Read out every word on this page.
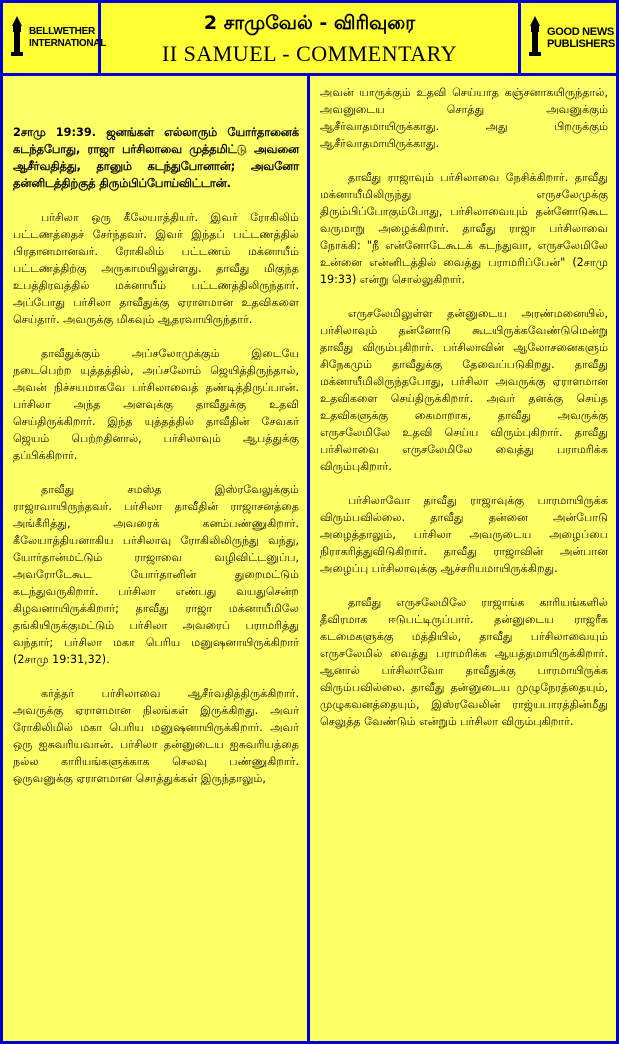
BELLWETHER INTERNATIONAL
2 சாமுவேல் - விரிவுரை
II SAMUEL - COMMENTARY
GOOD NEWS PUBLISHERS

2சாமு 19:39. ஜனங்கள் எல்லாரும் யோர்தானைக் கடந்தபோது, ராஜா பர்சிலாவை முத்தமிட்டு அவனை ஆசீர்வதித்து, தானும் கடந்துபோனான்; அவனோ தன்னிடத்திற்குத் திரும்பிப்போய்விட்டான்.

பர்சிலா ஒரு கீலேயாத்தியர். இவர் ரோகிலிம் பட்டணத்தைச் சேர்ந்தவர். இவர் இந்தப் பட்டணத்தில் பிரதானமானவர். ரோகிலிம் பட்டணம் மக்னாயீம் பட்டணத்திற்கு அருகாமயிலுள்ளது. தாவீது மிகுந்த உபத்திரவத்தில் மக்னாயீம் பட்டணத்திலிருந்தார். அப்போது பர்சிலா தாவீதுக்கு ஏராளமான உதவிகளை செய்தார். அவருக்கு மிகவும் ஆதரவாயிருந்தார்.

தாவீதுக்கும் அப்சலோமுக்கும் இடையே நடைபெற்ற யுத்தத்தில், அப்சலோம் ஜெயித்திருந்தால், அவன் நிச்சயமாகவே பர்சிலாவைத் தண்டித்திருப்பான். பர்சிலா அந்த அளவுக்கு தாவீதுக்கு உதவி செய்திருக்கிறார். இந்த யுத்தத்தில் தாவீதின் சேவகர் ஜெயம் பெற்றதினால், பர்சிலாவும் ஆபத்துக்கு தப்பிக்கிறார்.

தாவீது சமஸ்த இஸ்ரவேலுக்கும் ராஜாவாயிருந்தவர். பர்சிலா தாவீதின் ராஜாசனத்தை அங்கீரித்து, அவரைக் கனம்பண்ணுகிறார். கீலேயாத்தியனாகிய பர்சிலாவு ரோகிலிலிருந்து வந்து, யோர்தான்மட்டும் ராஜாவை வழிவிட்டனுப்ப, அவரோடேகூட யோர்தானின் துறைமட்டும் கடந்துவருகிறார். பர்சிலா எண்பது வயதுசென்ற கிழவனாயிருக்கிறார்; தாவீது ராஜா மக்னாயீமிலே தங்கியிருக்குமட்டும் பர்சிலா அவரைப் பராமரித்து வந்தார்; பர்சிலா மகா பெரிய மனுஷனாயிருக்கிறார் (2சாமு 19:31,32).

கர்த்தர் பர்சிலாவை ஆசீர்வதித்திருக்கிறார். அவருக்கு ஏராளமான நிலங்கள் இருக்கிறது. அவர் ரோகிலிமில் மகா பெரிய மனுஷனாயிருக்கிறார். அவர் ஒரு ஐசுவரியவான். பர்சிலா தன்னுடைய ஐசுவரியத்தை நல்ல காரியங்களுக்காக செலவு பண்ணுகிறார். ஒருவனுக்கு ஏராளமான சொத்துக்கள் இருந்தாலும்,

அவன் யாருக்கும் உதவி செய்யாத கஞ்சனாகயிருந்தால், அவனுடைய சொத்து அவனுக்கும் ஆசீர்வாதமாயிருக்காது. அது பிறருக்கும் ஆசீர்வாதமாயிருக்காது.

தாவீது ராஜாவும் பர்சிலாவை நேசிக்கிறார். தாவீது மக்னாயீமிலிருந்து எருசலேமுக்கு திரும்பிப்போகும்போது, பர்சிலாவையும் தன்னோடுகூட வருமாறு அழைக்கிறார். தாவீது ராஜா பர்சிலாவை நோக்கி: "நீ என்னோடேகூடக் கடந்துவா, எருசலேமிலே உன்னை என்னிடத்தில் வைத்து பராமரிப்பேன்" (2சாமு 19:33) என்று சொல்லுகிறார்.

எருசலேமிலுள்ள தன்னுடைய அரண்மனையில், பர்சிலாவும் தன்னோடு கூடயிருக்கவேண்டுமென்று தாவீது விரும்புகிறார். பர்சிலாவின் ஆலோசனைகளும் சிநேகமும் தாவீதுக்கு தேவைப்படுகிறது. தாவீது மக்னாயீமிலிருந்தபோது, பர்சிலா அவருக்கு ஏராளமான உதவிகளை செய்திருக்கிறார். அவர் தனக்கு செய்த உதவிகளுக்கு கைமாறாக, தாவீது அவருக்கு எருசலேமிலே உதவி செய்ய விரும்புகிறார். தாவீது பர்சிலாவை எருசலேமிலே வைத்து பராமரிக்க விரும்புகிறார்.

பர்சிலாவோ தாவீது ராஜாவுக்கு பாரமாயிருக்க விரும்பவில்லை. தாவீது தன்னை அன்போடு அழைத்தாலும், பர்சிலா அவருடைய அழைப்பை நிராகரித்துவிடுகிறார். தாவீது ராஜாவின் அன்பான அழைப்பு பர்சிலாவுக்கு ஆச்சரியமாயிருக்கிறது.

தாவீது எருசலேமிலே ராஜாங்க காரியங்களில் தீவிரமாக ஈடுபட்டிருப்பார். தன்னுடைய ராஜரீக கடமைகளுக்கு மத்தியில், தாவீது பர்சிலாவையும் எருசலேமில் வைத்து பராமரிக்க ஆயத்தமாயிருக்கிறார். ஆனால் பர்சிலாவோ தாவீதுக்கு பாரமாயிருக்க விரும்பவில்லை. தாவீது தன்னுடைய முழுநேரத்தையும், முழுகவனத்தையும், இஸ்ரவேலின் ராஜ்யபாரத்தின்மீது செலுத்த வேண்டும் என்றும் பர்சிலா விரும்புகிறார்.
